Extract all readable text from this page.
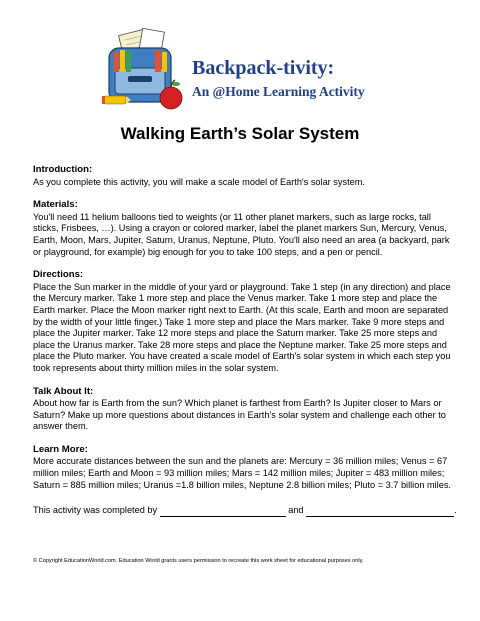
Backpack-tivity:
An @Home Learning Activity
Walking Earth’s Solar System
Introduction:

As you complete this activity, you will make a scale model of Earth's solar system.

Materials:

You'll need 11 helium balloons tied to weights (or 11 other planet markers, such as large rocks, tall sticks, Frisbees, …). Using a crayon or colored marker, label the planet markers Sun, Mercury, Venus, Earth, Moon, Mars, Jupiter, Saturn, Uranus, Neptune, Pluto. You'll also need an area (a backyard, park or playground, for example) big enough for you to take 100 steps, and a pen or pencil.

Directions:

Place the Sun marker in the middle of your yard or playground. Take 1 step (in any direction) and place the Mercury marker. Take 1 more step and place the Venus marker. Take 1 more step and place the Earth marker. Place the Moon marker right next to Earth. (At this scale, Earth and moon are separated by the width of your little finger.) Take 1 more step and place the Mars marker. Take 9 more steps and place the Jupiter marker. Take 12 more steps and place the Saturn marker. Take 25 more steps and place the Uranus marker. Take 28 more steps and place the Neptune marker. Take 25 more steps and place the Pluto marker. You have created a scale model of Earth's solar system in which each step you took represents about thirty million miles in the solar system.

Talk About It:

About how far is Earth from the sun? Which planet is farthest from Earth? Is Jupiter closer to Mars or Saturn? Make up more questions about distances in Earth's solar system and challenge each other to answer them.

Learn More:

More accurate distances between the sun and the planets are: Mercury = 36 million miles; Venus = 67 million miles; Earth and Moon = 93 million miles; Mars = 142 million miles; Jupiter = 483 million miles; Saturn = 885 million miles; Uranus =1.8 billion miles, Neptune 2.8 billion miles; Pluto = 3.7 billion miles.

This activity was completed by	and	.
© Copyright EducationWorld.com. Education World grants users permission to recreate this work sheet for educational purposes only.
